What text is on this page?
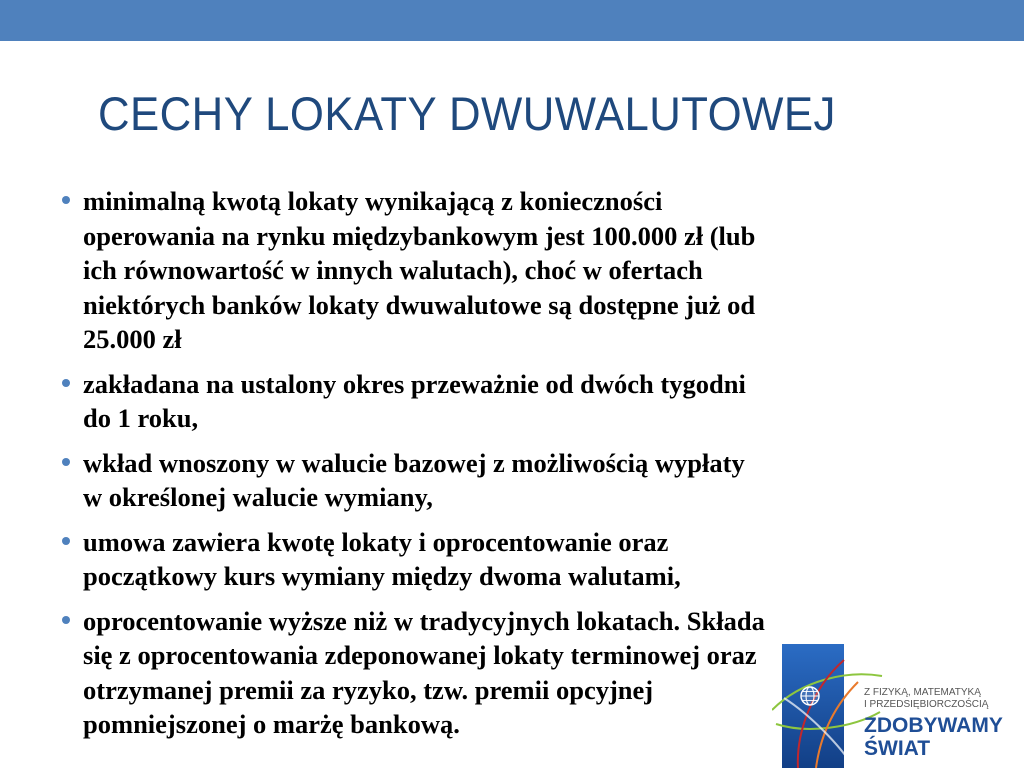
CECHY LOKATY DWUWALUTOWEJ
minimalną kwotą lokaty wynikającą z konieczności
operowania na rynku międzybankowym jest 100.000 zł (lub
ich równowartość w innych walutach), choć w ofertach
niektórych banków lokaty dwuwalutowe są dostępne już od
25.000 zł
zakładana na ustalony okres przeważnie od dwóch tygodni
do 1 roku,
wkład wnoszony w walucie bazowej z możliwością wypłaty
w określonej walucie wymiany,
umowa zawiera kwotę lokaty i oprocentowanie oraz
początkowy kurs wymiany między dwoma walutami,
oprocentowanie wyższe niż w tradycyjnych lokatach. Składa
się z oprocentowania zdeponowanej lokaty terminowej oraz
otrzymanej premii za ryzyko, tzw. premii opcyjnej
pomniejszonej o marżę bankową.
Z FIZYKĄ, MATEMATYKĄ
I PRZEDSIĘBIORCZOŚCIĄ
ZDOBYWAMY
ŚWIAT
